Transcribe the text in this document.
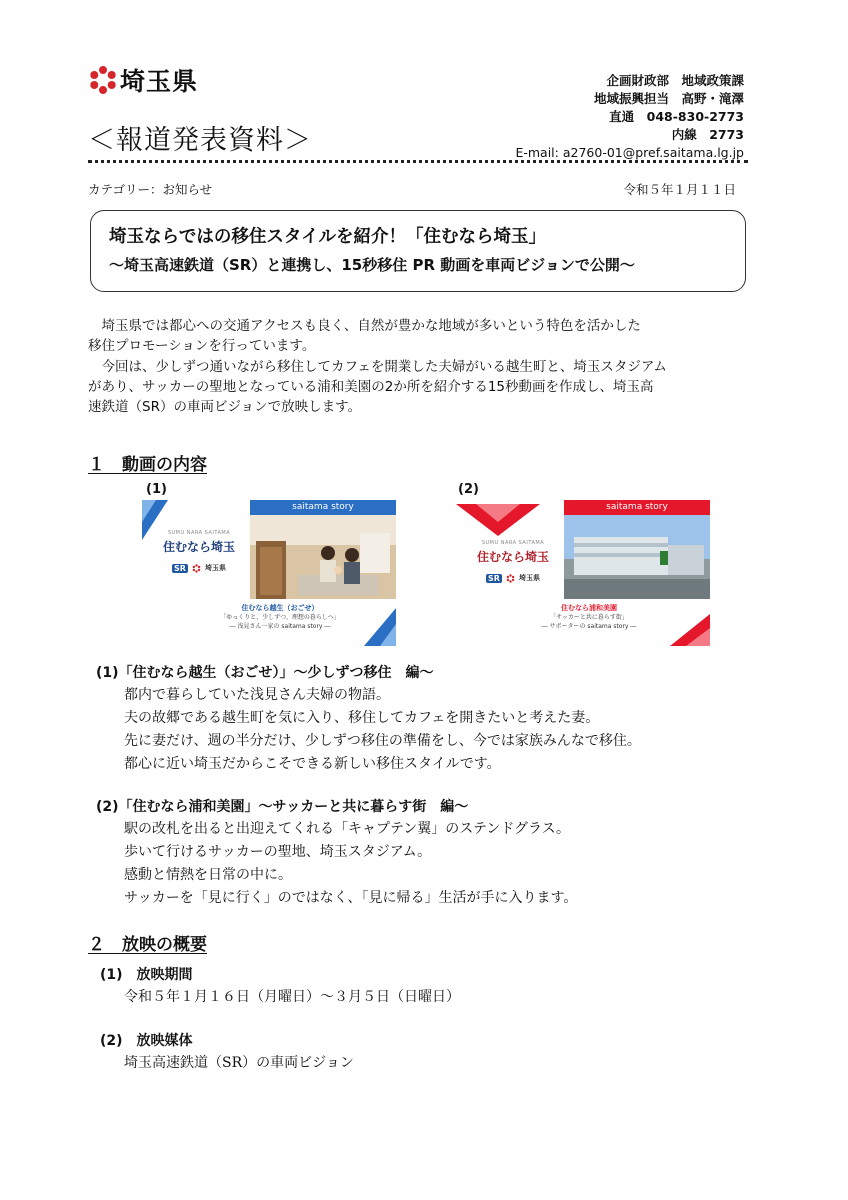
埼玉県	企画財政部　地域政策課
地域振興担当　高野・滝澤
直通　048-830-2773
内線　2773
E-mail: a2760-01@pref.saitama.lg.jp
＜報道発表資料＞
カテゴリー：お知らせ	令和５年１月１１日
埼玉ならではの移住スタイルを紹介！「住むなら埼玉」
～埼玉高速鉄道（SR）と連携し、15秒移住 PR 動画を車両ビジョンで公開～
　埼玉県では都心への交通アクセスも良く、自然が豊かな地域が多いという特色を活かした
移住プロモーションを行っています。
　今回は、少しずつ通いながら移住してカフェを開業した夫婦がいる越生町と、埼玉スタジアム
があり、サッカーの聖地となっている浦和美園の2か所を紹介する15秒動画を作成し、埼玉高
速鉄道（SR）の車両ビジョンで放映します。
１　動画の内容
(1)	(2)
saitama story
SUMU NARA SAITAMA
住むなら埼玉
SR	埼玉県
住むなら越生（おごせ）
「ゆっくりと、少しずつ、理想の暮らしへ」
― 浅見さん一家の saitama story ―
saitama story
SUMU NARA SAITAMA
住むなら埼玉
SR	埼玉県
住むなら浦和美園
「サッカーと共に暮らす街」
― サポーターの saitama story ―
(1)「住むなら越生（おごせ）」～少しずつ移住　編～
都内で暮らしていた浅見さん夫婦の物語。
夫の故郷である越生町を気に入り、移住してカフェを開きたいと考えた妻。
先に妻だけ、週の半分だけ、少しずつ移住の準備をし、今では家族みんなで移住。
都心に近い埼玉だからこそできる新しい移住スタイルです。
(2)「住むなら浦和美園」～サッカーと共に暮らす街　編～
駅の改札を出ると出迎えてくれる「キャプテン翼」のステンドグラス。
歩いて行けるサッカーの聖地、埼玉スタジアム。
感動と情熱を日常の中に。
サッカーを「見に行く」のではなく、「見に帰る」生活が手に入ります。
２　放映の概要
(1)　放映期間
令和５年１月１６日（月曜日）～３月５日（日曜日）
(2)　放映媒体
埼玉高速鉄道（SR）の車両ビジョン
